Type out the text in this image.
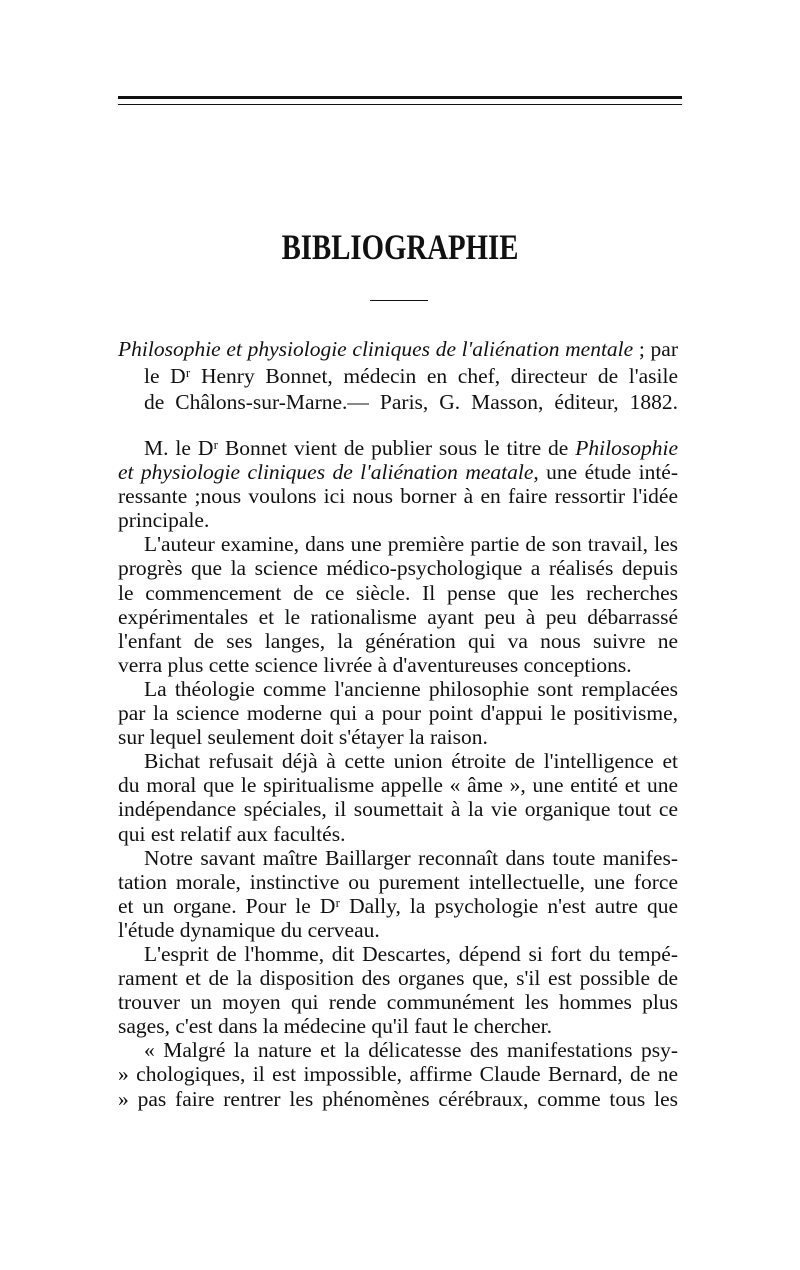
BIBLIOGRAPHIE
Philosophie et physiologie cliniques de l'aliénation mentale ; par
le Dʳ Henry Bonnet, médecin en chef, directeur de l'asile
de Châlons-sur-Marne.— Paris, G. Masson, éditeur, 1882.
M. le Dʳ Bonnet vient de publier sous le titre de Philosophie
et physiologie cliniques de l'aliénation meatale, une étude inté-
ressante ;nous voulons ici nous borner à en faire ressortir l'idée
principale.
L'auteur examine, dans une première partie de son travail, les
progrès que la science médico-psychologique a réalisés depuis
le commencement de ce siècle. Il pense que les recherches
expérimentales et le rationalisme ayant peu à peu débarrassé
l'enfant de ses langes, la génération qui va nous suivre ne
verra plus cette science livrée à d'aventureuses conceptions.
La théologie comme l'ancienne philosophie sont remplacées
par la science moderne qui a pour point d'appui le positivisme,
sur lequel seulement doit s'étayer la raison.
Bichat refusait déjà à cette union étroite de l'intelligence et
du moral que le spiritualisme appelle « âme », une entité et une
indépendance spéciales, il soumettait à la vie organique tout ce
qui est relatif aux facultés.
Notre savant maître Baillarger reconnaît dans toute manifes-
tation morale, instinctive ou purement intellectuelle, une force
et un organe. Pour le Dʳ Dally, la psychologie n'est autre que
l'étude dynamique du cerveau.
L'esprit de l'homme, dit Descartes, dépend si fort du tempé-
rament et de la disposition des organes que, s'il est possible de
trouver un moyen qui rende communément les hommes plus
sages, c'est dans la médecine qu'il faut le chercher.
« Malgré la nature et la délicatesse des manifestations psy-
» chologiques, il est impossible, affirme Claude Bernard, de ne
» pas faire rentrer les phénomènes cérébraux, comme tous les
